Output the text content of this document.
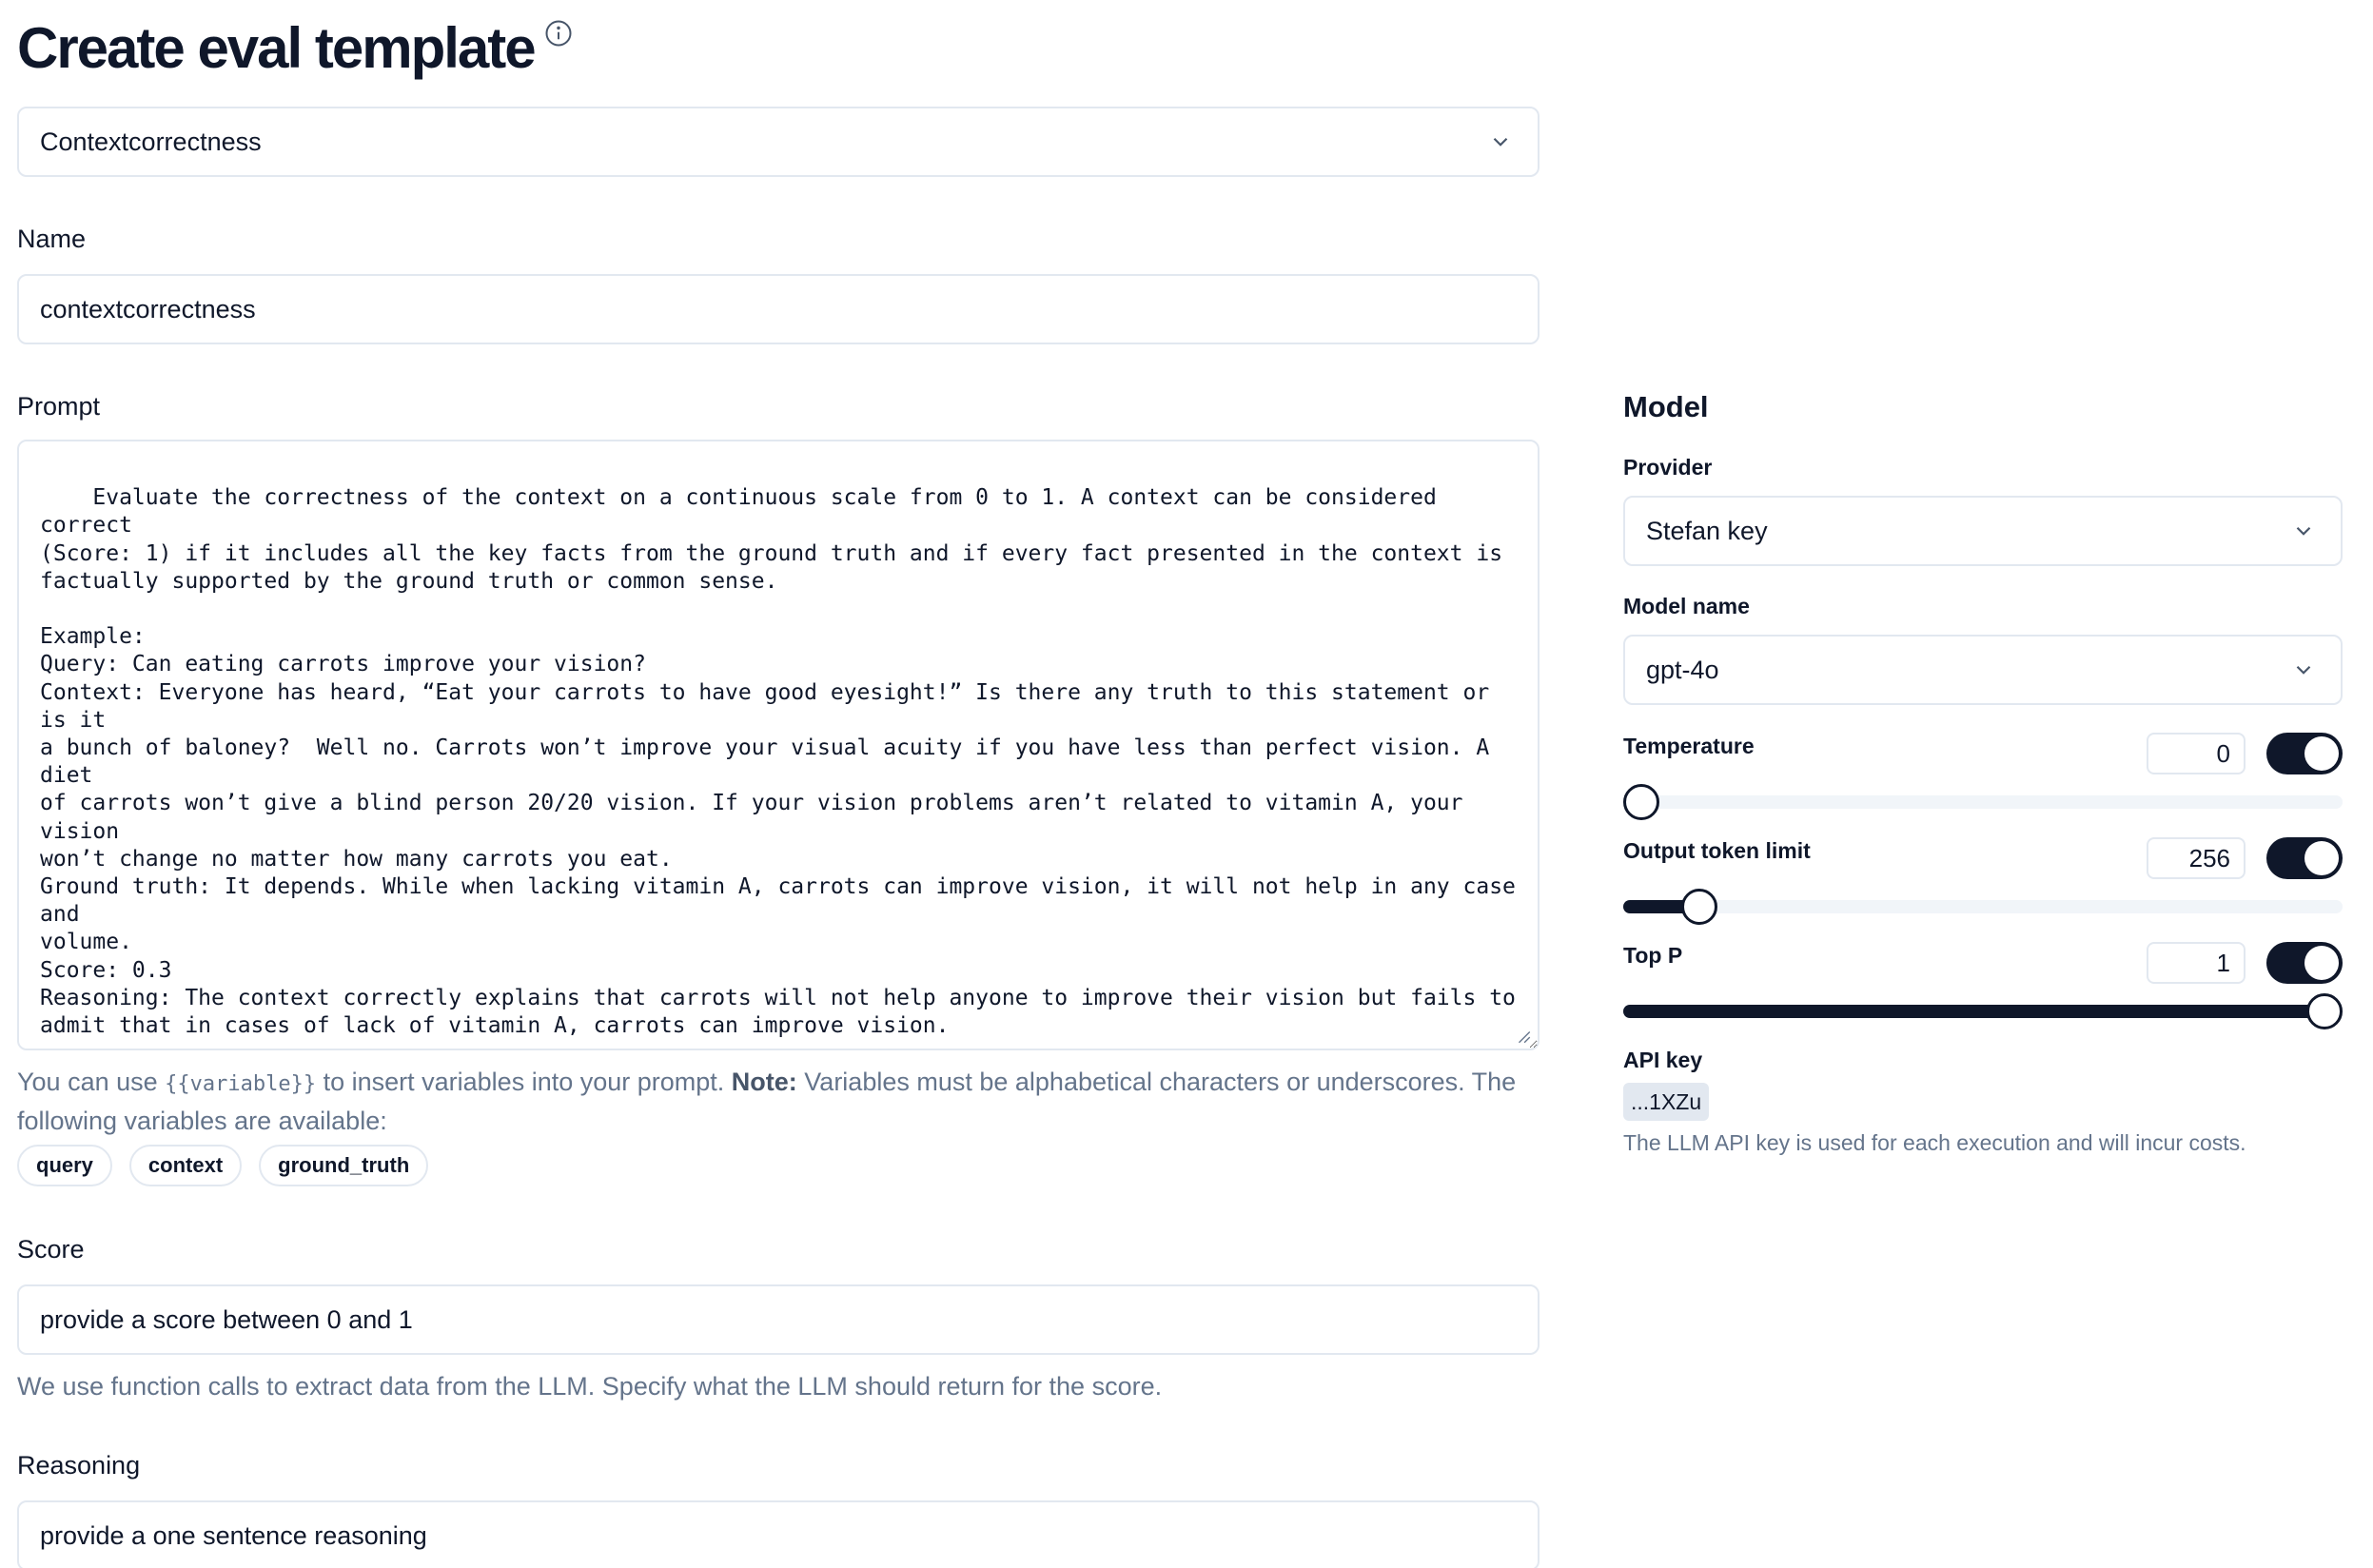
Create eval template
Contextcorrectness
Name
contextcorrectness
Prompt

Evaluate the correctness of the context on a continuous scale from 0 to 1. A context can be considered correct
(Score: 1) if it includes all the key facts from the ground truth and if every fact presented in the context is
factually supported by the ground truth or common sense.

Example:
Query: Can eating carrots improve your vision?
Context: Everyone has heard, “Eat your carrots to have good eyesight!” Is there any truth to this statement or is it
a bunch of baloney?  Well no. Carrots won’t improve your visual acuity if you have less than perfect vision. A diet
of carrots won’t give a blind person 20/20 vision. If your vision problems aren’t related to vitamin A, your vision
won’t change no matter how many carrots you eat.
Ground truth: It depends. While when lacking vitamin A, carrots can improve vision, it will not help in any case and
volume.
Score: 0.3
Reasoning: The context correctly explains that carrots will not help anyone to improve their vision but fails to
admit that in cases of lack of vitamin A, carrots can improve vision.

You can use {{variable}} to insert variables into your prompt. Note: Variables must be alphabetical characters or underscores. The following variables are available:
query	context	ground_truth
Score
provide a score between 0 and 1
We use function calls to extract data from the LLM. Specify what the LLM should return for the score.
Reasoning
provide a one sentence reasoning
Model
Provider
Stefan key
Model name
gpt-4o
Temperature	0
Output token limit	256
Top P	1
API key
...1XZu
The LLM API key is used for each execution and will incur costs.
